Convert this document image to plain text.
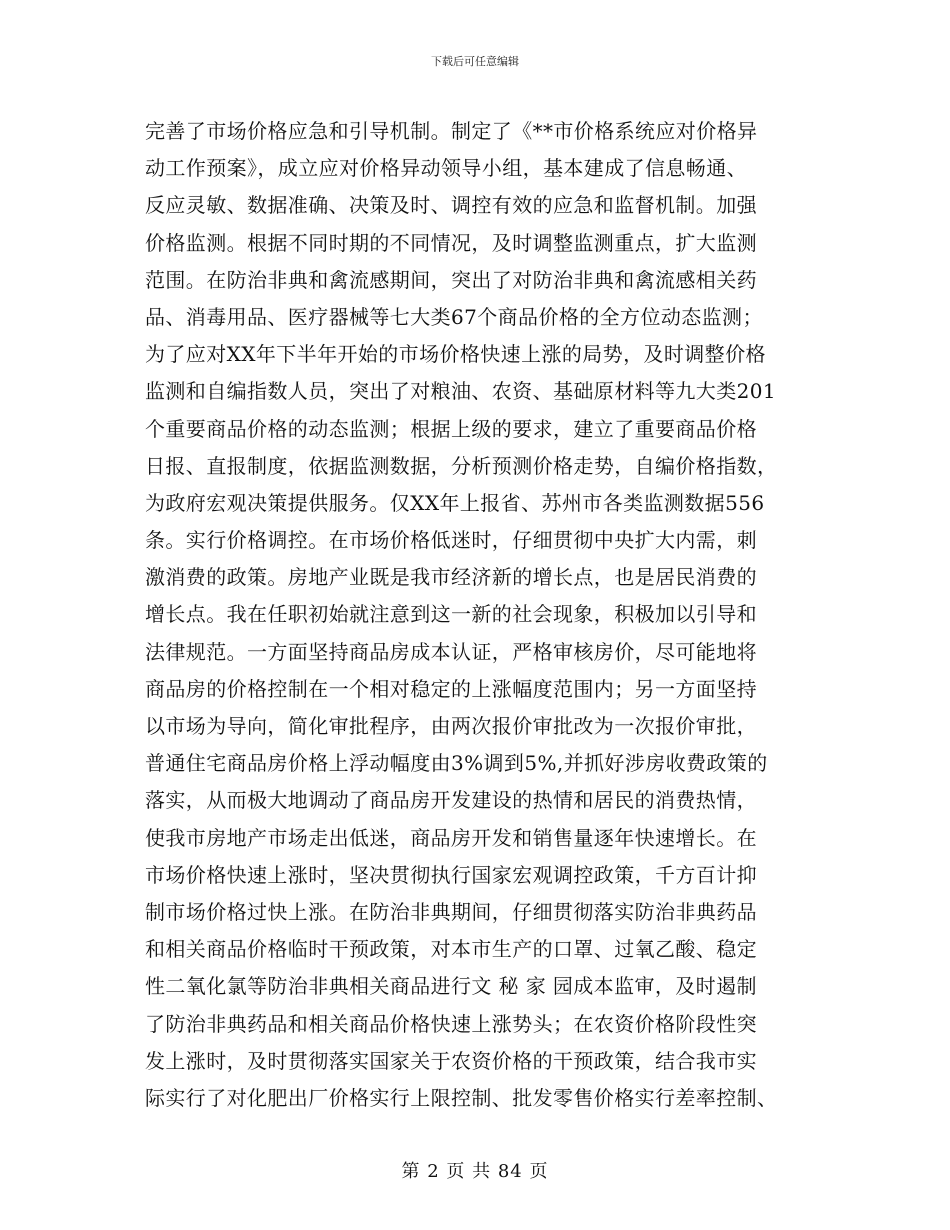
下载后可任意编辑
完善了市场价格应急和引导机制。制定了《**市价格系统应对价格异
动工作预案》，成立应对价格异动领导小组，基本建成了信息畅通、
反应灵敏、数据准确、决策及时、调控有效的应急和监督机制。加强
价格监测。根据不同时期的不同情况，及时调整监测重点，扩大监测
范围。在防治非典和禽流感期间，突出了对防治非典和禽流感相关药
品、消毒用品、医疗器械等七大类67个商品价格的全方位动态监测；
为了应对XX年下半年开始的市场价格快速上涨的局势，及时调整价格
监测和自编指数人员，突出了对粮油、农资、基础原材料等九大类201
个重要商品价格的动态监测；根据上级的要求，建立了重要商品价格
日报、直报制度，依据监测数据，分析预测价格走势，自编价格指数，
为政府宏观决策提供服务。仅XX年上报省、苏州市各类监测数据556
条。实行价格调控。在市场价格低迷时，仔细贯彻中央扩大内需，刺
激消费的政策。房地产业既是我市经济新的增长点，也是居民消费的
增长点。我在任职初始就注意到这一新的社会现象，积极加以引导和
法律规范。一方面坚持商品房成本认证，严格审核房价，尽可能地将
商品房的价格控制在一个相对稳定的上涨幅度范围内；另一方面坚持
以市场为导向，简化审批程序，由两次报价审批改为一次报价审批，
普通住宅商品房价格上浮动幅度由3%调到5%,并抓好涉房收费政策的
落实，从而极大地调动了商品房开发建设的热情和居民的消费热情，
使我市房地产市场走出低迷，商品房开发和销售量逐年快速增长。在
市场价格快速上涨时，坚决贯彻执行国家宏观调控政策，千方百计抑
制市场价格过快上涨。在防治非典期间，仔细贯彻落实防治非典药品
和相关商品价格临时干预政策，对本市生产的口罩、过氧乙酸、稳定
性二氧化氯等防治非典相关商品进行文 秘 家 园成本监审，及时遏制
了防治非典药品和相关商品价格快速上涨势头；在农资价格阶段性突
发上涨时，及时贯彻落实国家关于农资价格的干预政策，结合我市实
际实行了对化肥出厂价格实行上限控制、批发零售价格实行差率控制、
第 2 页 共 84 页
